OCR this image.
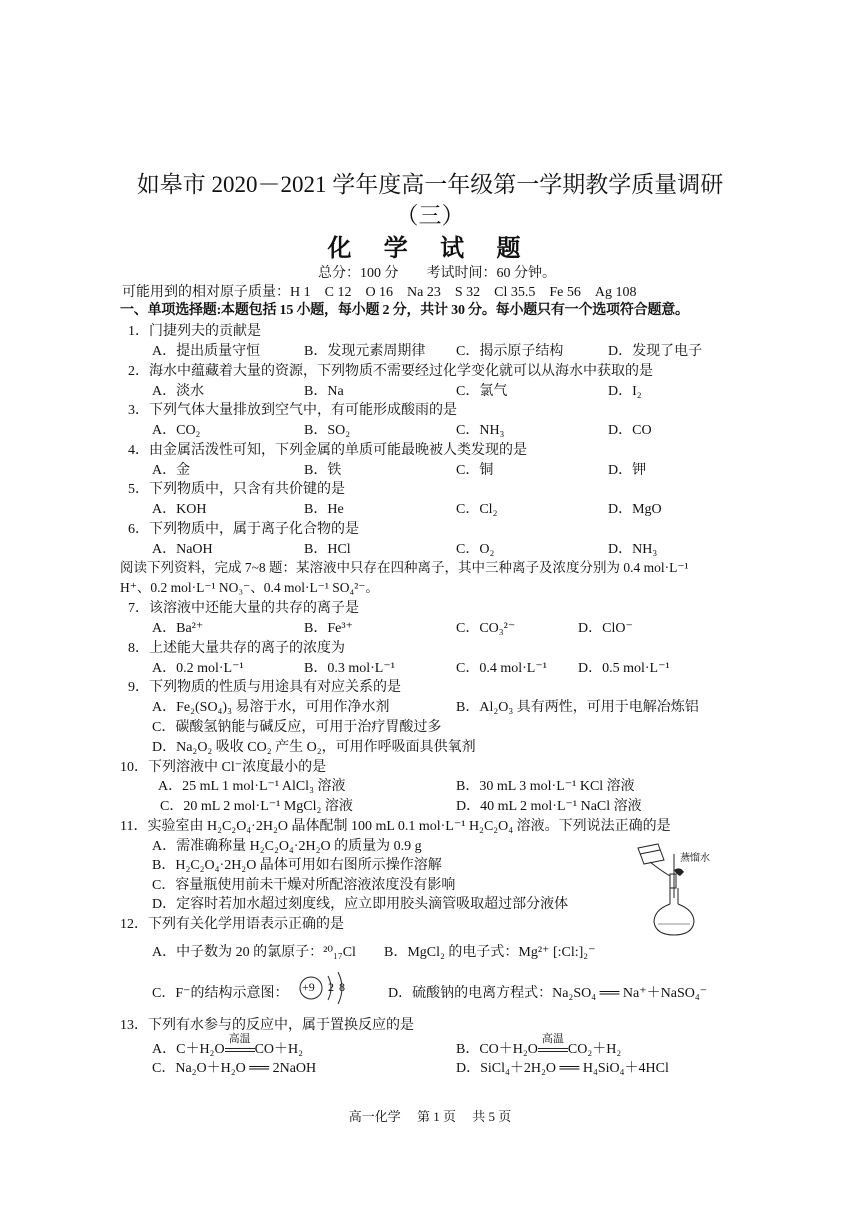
如皋市 2020－2021 学年度高一年级第一学期教学质量调研
（三）
化 学 试 题
总分：100 分　　考试时间：60 分钟。
可能用到的相对原子质量：H 1　C 12　O 16　Na 23　S 32　Cl 35.5　Fe 56　Ag 108
一、单项选择题:本题包括 15 小题，每小题 2 分，共计 30 分。每小题只有一个选项符合题意。
1．门捷列夫的贡献是
A．提出质量守恒	B．发现元素周期律 C．揭示原子结构	D．发现了电子
2．海水中蕴藏着大量的资源，下列物质不需要经过化学变化就可以从海水中获取的是
A．淡水	B．Na	C．氯气	D．I₂
3．下列气体大量排放到空气中，有可能形成酸雨的是
A．CO₂	B．SO₂	C．NH₃	D．CO
4．由金属活泼性可知，下列金属的单质可能最晚被人类发现的是
A．金	B．铁	C．铜	D．钾
5．下列物质中，只含有共价键的是
A．KOH	B．He	C．Cl₂	D．MgO
6．下列物质中，属于离子化合物的是
A．NaOH	B．HCl	C．O₂	D．NH₃
阅读下列资料，完成 7~8 题：某溶液中只存在四种离子，其中三种离子及浓度分别为 0.4 mol·L⁻¹
H⁺、0.2 mol·L⁻¹ NO₃⁻、0.4 mol·L⁻¹ SO₄²⁻。
7．该溶液中还能大量的共存的离子是
A．Ba²⁺	B．Fe³⁺	C．CO₃²⁻	D．ClO⁻
8．上述能大量共存的离子的浓度为
A．0.2 mol·L⁻¹	B．0.3 mol·L⁻¹	C．0.4 mol·L⁻¹ D．0.5 mol·L⁻¹
9．下列物质的性质与用途具有对应关系的是
A．Fe₂(SO₄)₃ 易溶于水，可用作净水剂	B．Al₂O₃ 具有两性，可用于电解冶炼铝
C．碳酸氢钠能与碱反应，可用于治疗胃酸过多
D．Na₂O₂ 吸收 CO₂ 产生 O₂，可用作呼吸面具供氧剂
10．下列溶液中 Cl⁻浓度最小的是
A．25 mL 1 mol·L⁻¹ AlCl₃ 溶液	B．30 mL 3 mol·L⁻¹ KCl 溶液
C．20 mL 2 mol·L⁻¹ MgCl₂ 溶液	D．40 mL 2 mol·L⁻¹ NaCl 溶液
11．实验室由 H₂C₂O₄·2H₂O 晶体配制 100 mL 0.1 mol·L⁻¹ H₂C₂O₄ 溶液。下列说法正确的是
A．需准确称量 H₂C₂O₄·2H₂O 的质量为 0.9 g
B．H₂C₂O₄·2H₂O 晶体可用如右图所示操作溶解
C．容量瓶使用前未干燥对所配溶液浓度没有影响
D．定容时若加水超过刻度线，应立即用胶头滴管吸取超过部分液体
蒸馏水
12．下列有关化学用语表示正确的是
A．中子数为 20 的氯原子：²⁰₁₇Cl B．MgCl₂ 的电子式：Mg²⁺ [:Cl:]₂⁻
C．F⁻的结构示意图： +9 2 8	D．硫酸钠的电离方程式：Na₂SO₄ ══ Na⁺＋NaSO₄⁻
13．下列有水参与的反应中，属于置换反应的是
A．C＋H₂O
高温
CO＋H₂	B．CO＋H₂O
高温
CO₂＋H₂
C．Na₂O＋H₂O ══ 2NaOH	D．SiCl₄＋2H₂O ══ H₄SiO₄＋4HCl
高一化学　 第 1 页　 共 5 页
